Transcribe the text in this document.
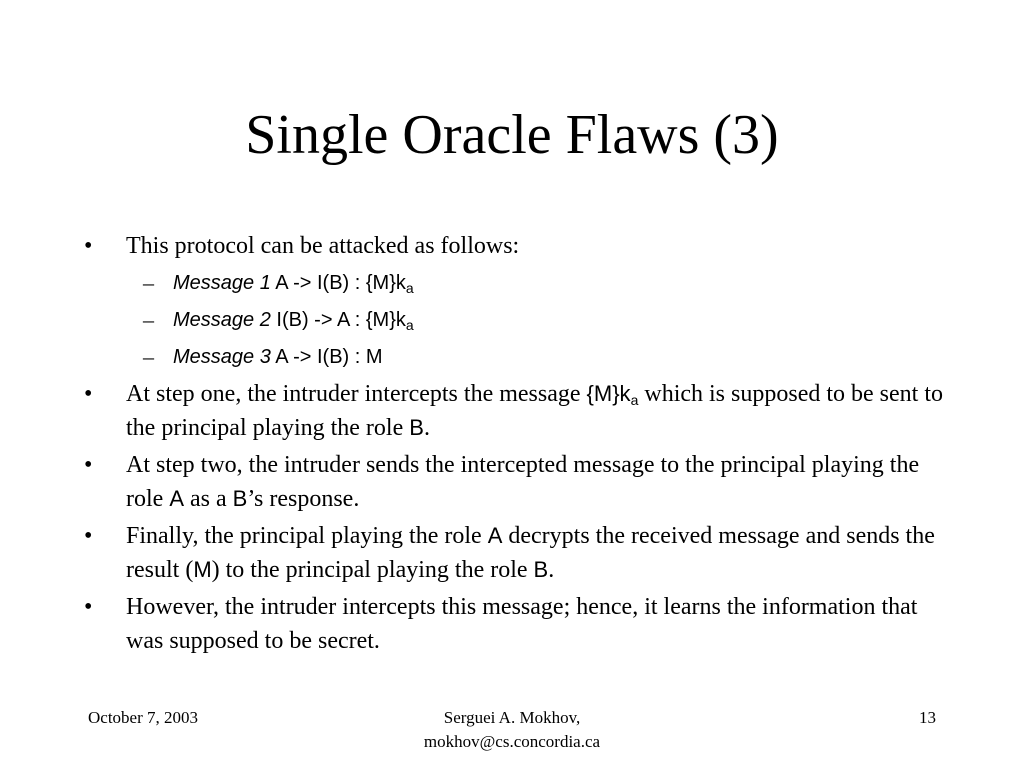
Single Oracle Flaws (3)
•	This protocol can be attacked as follows:
– Message 1 A -> I(B) : $\{M\}k_a$
– Message 2 I(B) -> A : $\{M\}k_a$
– Message 3 A -> I(B) : M
•	At step one, the intruder intercepts the message $\{M\}k_a$ which is supposed to be sent to the principal playing the role B.
•	At step two, the intruder sends the intercepted message to the principal playing the role A as a B’s response.
•	Finally, the principal playing the role A decrypts the received message and sends the result (M) to the principal playing the role B.
•	However, the intruder intercepts this message; hence, it learns the information that was supposed to be secret.
October 7, 2003	Serguei A. Mokhov,
mokhov@cs.concordia.ca
13
